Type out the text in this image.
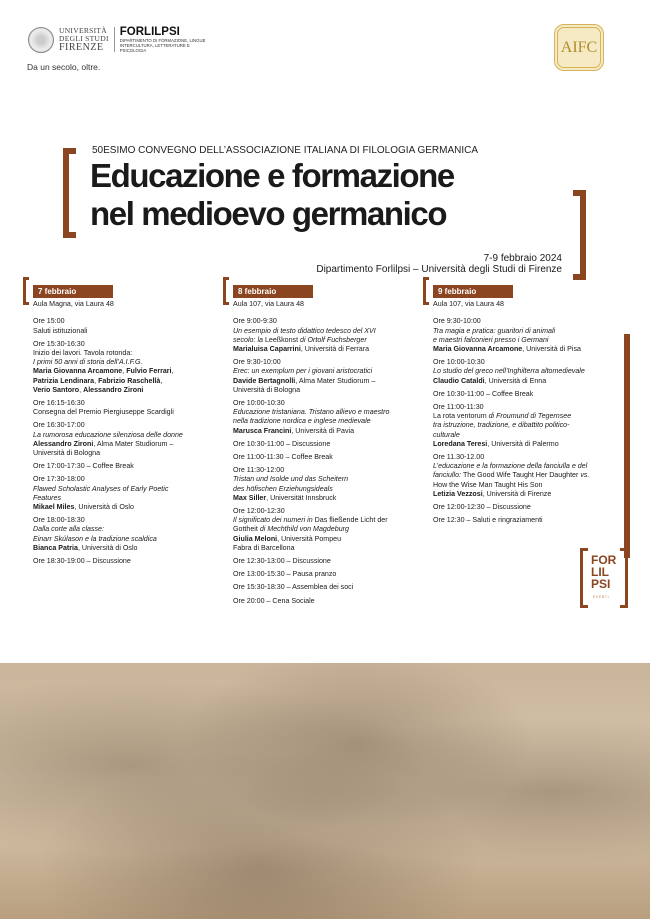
UNIVERSITÀ
DEGLI STUDI
FIRENZE
FORLILPSI
DIPARTIMENTO DI FORMAZIONE, LINGUE INTERCULTURA, LETTERATURE E PSICOLOGIA
Da un secolo, oltre.
AIFC
50ESIMO CONVEGNO DELL’ASSOCIAZIONE ITALIANA DI FILOLOGIA GERMANICA
Educazione e formazione
nel medioevo germanico
7-9 febbraio 2024
Dipartimento Forlilpsi – Università degli Studi di Firenze
7 febbraio
Aula Magna, via Laura 48
Ore 15:00
Saluti istituzionali
Ore 15:30-16:30
Inizio dei lavori. Tavola rotonda:
I primi 50 anni di storia dell’A.I.F.G.
Maria Giovanna Arcamone, Fulvio Ferrari,
Patrizia Lendinara, Fabrizio Raschellà,
Verio Santoro, Alessandro Zironi
Ore 16:15-16:30
Consegna del Premio Piergiuseppe Scardigli
Ore 16:30-17:00
La rumorosa educazione silenziosa delle donne
Alessandro Zironi, Alma Mater Studiorum –
Università di Bologna
Ore 17:00-17:30 – Coffee Break
Ore 17:30-18:00
Flawed Scholastic Analyses of Early Poetic
Features
Mikael Miles, Università di Oslo
Ore 18:00-18:30
Dalla corte alla classe:
Einarr Skúlason e la tradizione scaldica
Bianca Patria, Università di Oslo
Ore 18:30-19:00 – Discussione
8 febbraio
Aula 107, via Laura 48
Ore 9:00-9:30
Un esempio di testo didattico tedesco del XVI
secolo: la Leeßkonst di Ortolf Fuchsberger
Marialuisa Caparrini, Università di Ferrara
Ore 9:30-10:00
Erec: un exemplum per i giovani aristocratici
Davide Bertagnolli, Alma Mater Studiorum –
Università di Bologna
Ore 10:00-10:30
Educazione tristaniana. Tristano allievo e maestro
nella tradizione nordica e inglese medievale
Marusca Francini, Università di Pavia
Ore 10:30-11:00 – Discussione
Ore 11:00-11:30 – Coffee Break
Ore 11:30-12:00
Tristan und Isolde und das Scheitern
des höfischen Erziehungsideals
Max Siller, Universität Innsbruck
Ore 12:00-12:30
Il significato dei numeri in Das fließende Licht der
Gottheit di Mechthild von Magdeburg
Giulia Meloni, Università Pompeu
Fabra di Barcellona
Ore 12:30-13:00 – Discussione
Ore 13:00-15:30 – Pausa pranzo
Ore 15:30-18:30 – Assemblea dei soci
Ore 20:00 – Cena Sociale
9 febbraio
Aula 107, via Laura 48
Ore 9:30-10:00
Tra magia e pratica: guaritori di animali
e maestri falconieri presso i Germani
Maria Giovanna Arcamone, Università di Pisa
Ore 10:00-10:30
Lo studio del greco nell’Inghilterra altomedievale
Claudio Cataldi, Università di Enna
Ore 10:30-11:00 – Coffee Break
Ore 11:00-11:30
La rota ventorum di Froumund di Tegernsee
tra istruzione, tradizione, e dibattito politico-
culturale
Loredana Teresi, Università di Palermo
Ore 11.30-12.00
L’educazione e la formazione della fanciulla e del
fanciullo: The Good Wife Taught Her Daughter vs.
How the Wise Man Taught His Son
Letizia Vezzosi, Università di Firenze
Ore 12:00-12:30 – Discussione
Ore 12:30 – Saluti e ringraziamenti
FOR
LIL
PSI
EVENTI
